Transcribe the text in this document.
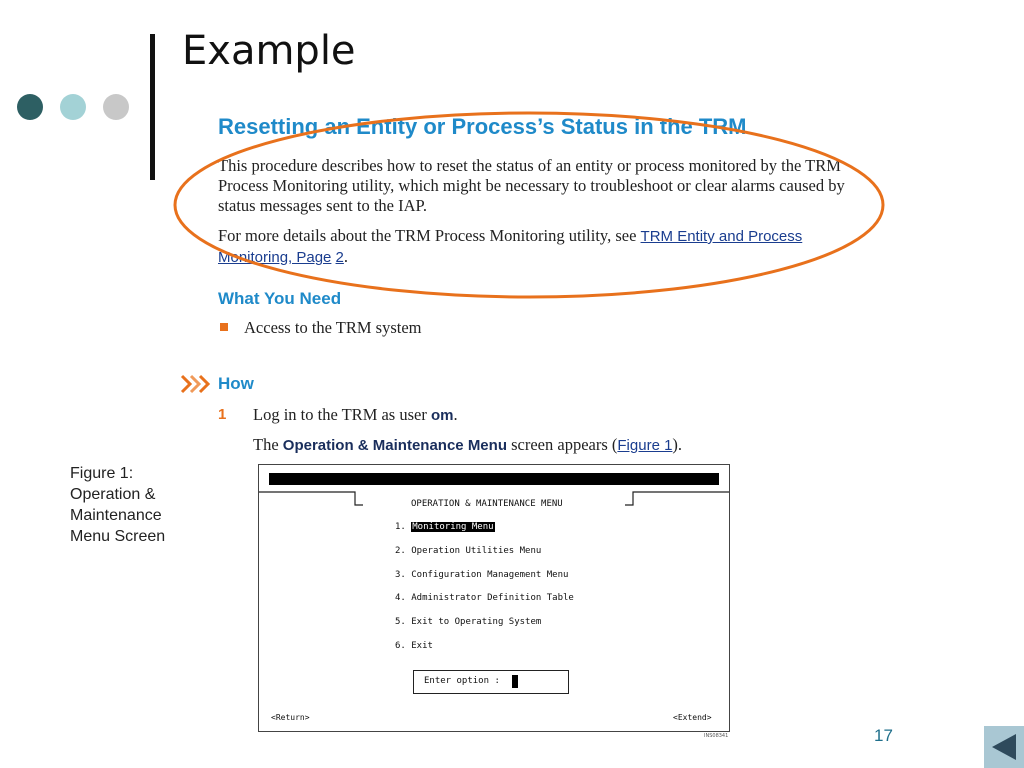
Example
Resetting an Entity or Process’s Status in the TRM
This procedure describes how to reset the status of an entity or process monitored by the TRM Process Monitoring utility, which might be necessary to troubleshoot or clear alarms caused by status messages sent to the IAP.
For more details about the TRM Process Monitoring utility, see TRM Entity and Process Monitoring, Page 2.
What You Need
Access to the TRM system
How
1 Log in to the TRM as user om.
The Operation & Maintenance Menu screen appears (Figure 1).
Figure 1: Operation & Maintenance Menu Screen
OPERATION & MAINTENANCE MENU
1. Monitoring Menu
2. Operation Utilities Menu
3. Configuration Management Menu
4. Administrator Definition Table
5. Exit to Operating System
6. Exit
Enter option :
<Return>	<Extend>
INS08341	17
